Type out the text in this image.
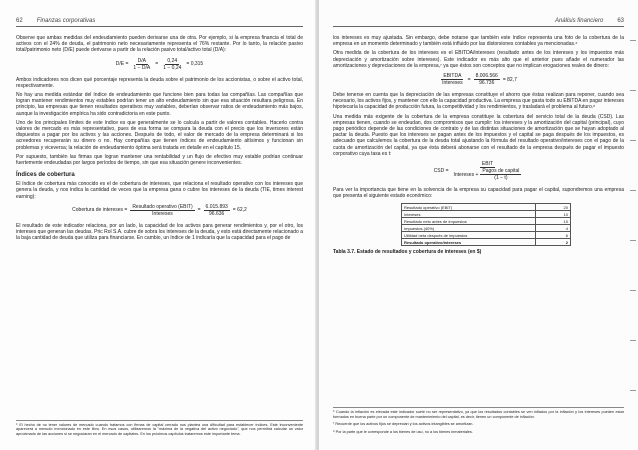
62 Finanzas corporativas

Observe que ambas medidas del endeudamiento pueden derivarse una de otra. Por ejemplo, si la empresa financia el total de activos con el 24% de deuda, el patrimonio neto necesariamente representa el 76% restante. Por lo tanto, la relación pasivo total/patrimonio neto (D/E) puede derivarse a partir de la relación pasivo total/activo total (D/A):

$D/E = \frac{D/A}{1 - D/A} = \frac{0,24}{1 - 0,24} = 0,315$

Ambos indicadores nos dicen qué porcentaje representa la deuda sobre el patrimonio de los accionistas, o sobre el activo total, respectivamente.

No hay una medida estándar del índice de endeudamiento que funcione bien para todas las compañías. Las compañías que logran mantener rendimientos muy estables podrían tener un alto endeudamiento sin que esa situación resultara peligrosa. En principio, las empresas que tienen resultados operativos muy variables, deberían observar ratios de endeudamiento más bajos, aunque la investigación empírica ha sido contradictoria en este punto.

Uno de los principales límites de este índice es que generalmente se lo calcula a partir de valores contables. Hacerlo contra valores de mercado es más representativo, pues de esa forma se compara la deuda con el precio que los inversores están dispuestos a pagar por los activos y las acciones. Después de todo, el valor de mercado de la empresa determinará si los acreedores recuperarán su dinero o no. Hay compañías que tienen índices de endeudamiento altísimos y funcionan sin problemas y viceversa; la relación de endeudamiento óptima será tratada en detalle en el capítulo 15.

Por supuesto, también las firmas que logran mantener una rentabilidad y un flujo de efectivo muy estable podrían continuar fuertemente endeudadas por largos períodos de tiempo, sin que esa situación genere inconvenientes.

Índices de cobertura

El índice de cobertura más conocido es el de cobertura de intereses, que relaciona el resultado operativo con los intereses que genera la deuda, y nos indica la cantidad de veces que la empresa gana o cubre los intereses de la deuda (TIE, times interest earning):

Cobertura de intereses = $\frac{\text{Resultado operativo (EBIT)}}{\text{Intereses}} = \frac{6.015.893}{96.636} = 62,2$

El resultado de este indicador relaciona, por un lado, la capacidad de los activos para generar rendimientos y, por el otro, los intereses que generan las deudas. Pric Rol S.A. cubre de sobra los intereses de la deuda, y esto está directamente relacionado a la baja cantidad de deuda que utiliza para financiarse. En cambio, un índice de 1 indicaría que la capacidad para el pago de

⁶ El hecho de no tener valores de mercado cuando tratamos con firmas de capital cerrado nos plantea una dificultad para establecer índices. Este inconveniente aparecerá a menudo mencionado en este libro. En esos casos, utilizaremos la "máxima de la negativa del activo negociado", que nos permitirá calcular un valor aproximado de las acciones si se negociaran en el mercado de capitales. En los próximos capítulos trataremos este importante tema.

Análisis financiero 63

los intereses es muy ajustada. Sin embargo, debe notarse que también este índice representa una foto de la cobertura de la empresa en un momento determinado y también está influido por las distorsiones contables ya mencionadas.⁶

Otra medida de la cobertura de los intereses es el EBITDA/intereses (resultado antes de los intereses y los impuestos más depreciación y amortización sobre intereses). Este indicador es más alto que el anterior pues añade el numerador las amortizaciones y depreciaciones de la empresa,⁷ ya que éstos son conceptos que no implican erogaciones reales de dinero:

$\frac{\text{EBITDA}}{\text{Intereses}} = \frac{8.006.566}{96.736} = 82,7$

Debe tenerse en cuenta que la depreciación de las empresas constituye el ahorro que éstas realizan para reponer, cuando sea necesario, los activos fijos, y mantener con ello la capacidad productiva. La empresa que gasta todo su EBITDA en pagar intereses hipotecaría la capacidad de producción futura, la competitividad y los rendimientos, y trasladará el problema al futuro.⁸

Una medida más exigente de la cobertura de la empresa constituye la cobertura del servicio total de la deuda (CSD). Las empresas tienen, cuando se endeudan, dos compromisos que cumplir: los intereses y la amortización del capital (principal), cuyo pago periódico depende de las condiciones de contrato y de las distintas situaciones de amortización que se hayan adoptado al pactar la deuda. Puesto que los intereses se pagan antes de los impuestos y el capital se paga después de los impuestos, es adecuado que calculemos la cobertura de la deuda total ajustando la fórmula del resultado operativo/intereses con el pago de la cuota de amortización del capital, ya que ésta deberá abonarse con el resultado de la empresa después de pagar el impuesto corporativo cuya tasa es t:

CSD = $\frac{\text{EBIT}}{Intereses + \frac{\text{Pagos de capital}}{(1 - t)}}$

Para ver la importancia que tiene en la solvencia de la empresa su capacidad para pagar el capital, supondremos una empresa que presenta el siguiente estado económico:

Resultado operativo (EBIT)	20
Intereses	10
Resultado neto antes de impuestos	10
Impuestos (40%)	4
Utilidad neta después de impuestos	6
Resultado operativo/intereses	2
Tabla 3.7. Estado de resultados y cobertura de intereses (en $)

⁶ Cuando la inflación es elevada este indicador suele no ser representativo, ya que los resultados contables se ven inflados por la inflación y los intereses pueden estar formados en buena parte por un componente de mantenimiento del capital, es decir, tienen un componente de inflación.

⁷ Recuerde que los activos fijos se deprecian y los activos intangibles se amortizan.

⁸ Por la parte que le corresponde a los bienes de uso, no a los bienes inmateriales.
